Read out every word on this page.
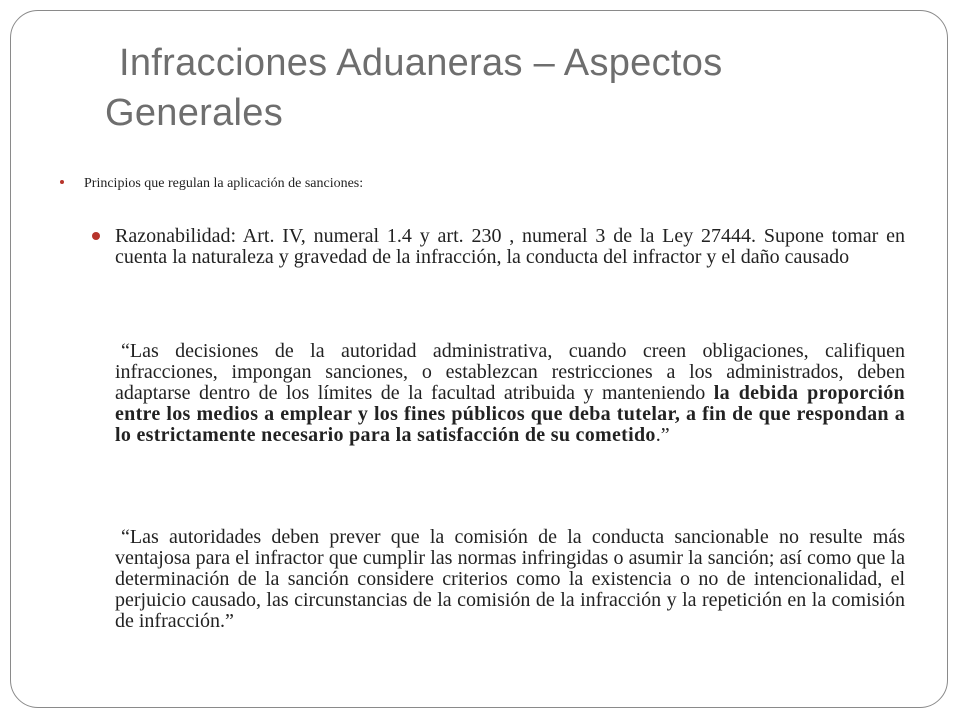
Infracciones Aduaneras – Aspectos
Generales
Principios que regulan la aplicación de sanciones:
Razonabilidad: Art. IV, numeral 1.4 y art. 230 , numeral 3 de la Ley 27444. Supone tomar en cuenta la naturaleza y gravedad de la infracción, la conducta del infractor y el daño causado
“Las decisiones de la autoridad administrativa, cuando creen obligaciones, califiquen infracciones, impongan sanciones, o establezcan restricciones a los administrados, deben adaptarse dentro de los límites de la facultad atribuida y manteniendo la debida proporción entre los medios a emplear y los fines públicos que deba tutelar, a fin de que respondan a lo estrictamente necesario para la satisfacción de su cometido.”
“Las autoridades deben prever que la comisión de la conducta sancionable no resulte más ventajosa para el infractor que cumplir las normas infringidas o asumir la sanción; así como que la determinación de la sanción considere criterios como la existencia o no de intencionalidad, el perjuicio causado, las circunstancias de la comisión de la infracción y la repetición en la comisión de infracción.”
